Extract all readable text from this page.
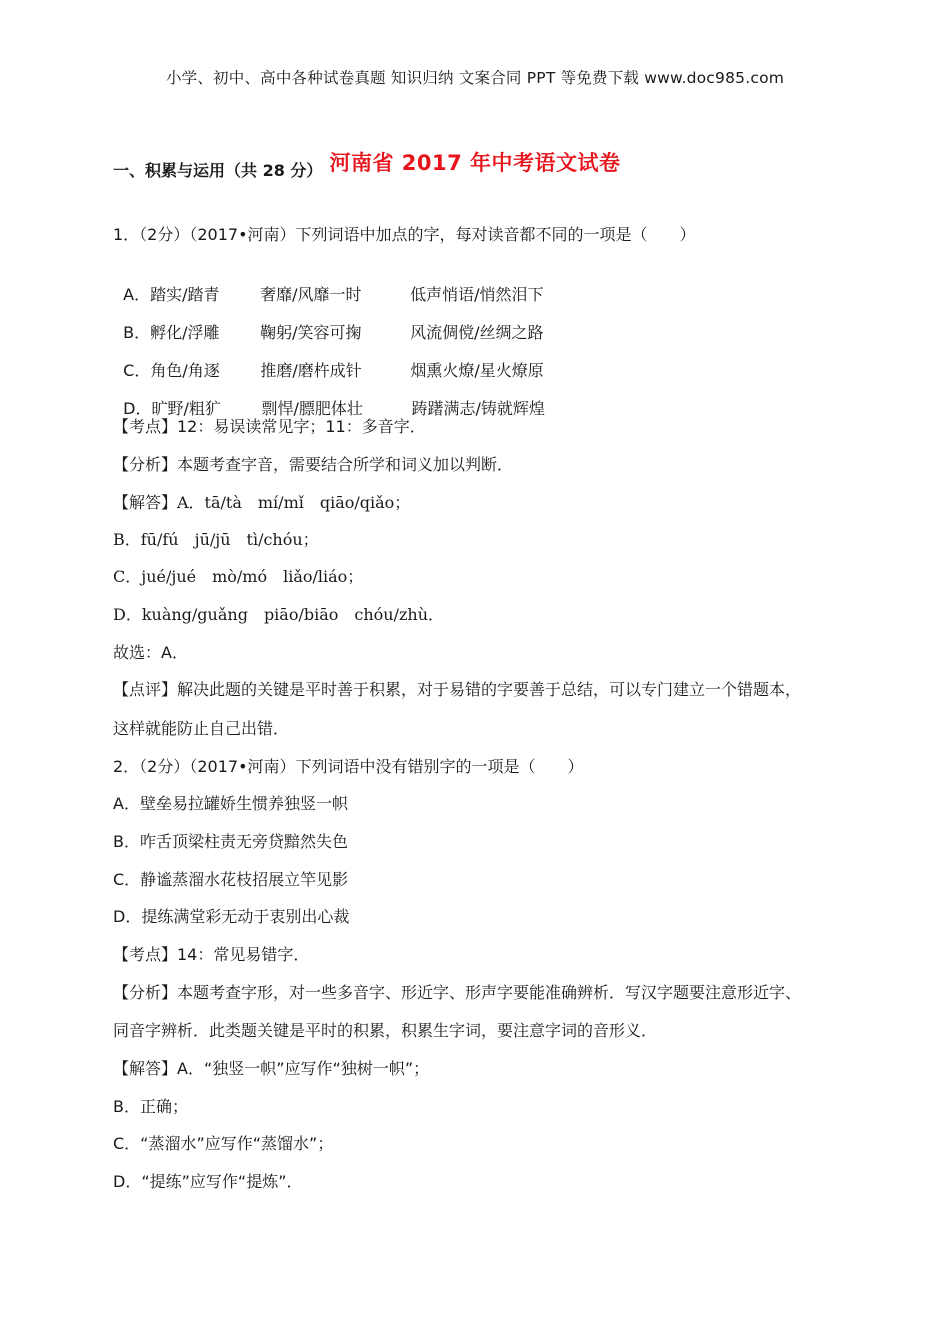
小学、初中、高中各种试卷真题 知识归纳 文案合同 PPT 等免费下载 www.doc985.com
河南省 2017 年中考语文试卷
一、积累与运用（共 28 分）
1．（2分）（2017•河南）下列词语中加点的字，每对读音都不同的一项是（　　）

A．踏实/踏青	奢靡/风靡一时	低声悄语/悄然泪下

B．孵化/浮雕	鞠躬/笑容可掬	风流倜傥/丝绸之路

C．角色/角逐	推磨/磨杵成针	烟熏火燎/星火燎原

D．旷野/粗犷	剽悍/膘肥体壮	踌躇满志/铸就辉煌

【考点】12：易误读常见字；11：多音字．
【分析】本题考查字音，需要结合所学和词义加以判断．
【解答】A．tā/tà　mí/mǐ　qiāo/qiǎo；
B．fū/fú　jū/jū　tì/chóu；
C．jué/jué　mò/mó　liǎo/liáo；
D．kuàng/guǎng　piāo/biāo　chóu/zhù．
故选：A．
【点评】解决此题的关键是平时善于积累，对于易错的字要善于总结，可以专门建立一个错题本，
这样就能防止自己出错．
2．（2分）（2017•河南）下列词语中没有错别字的一项是（　　）
A．壁垒易拉罐娇生惯养独竖一帜
B．咋舌顶梁柱责无旁贷黯然失色
C．静谧蒸溜水花枝招展立竿见影
D．提练满堂彩无动于衷别出心裁
【考点】14：常见易错字．
【分析】本题考查字形，对一些多音字、形近字、形声字要能准确辨析．写汉字题要注意形近字、
同音字辨析．此类题关键是平时的积累，积累生字词，要注意字词的音形义．
【解答】A．“独竖一帜”应写作“独树一帜”；
B．正确；
C．“蒸溜水”应写作“蒸馏水”；
D．“提练”应写作“提炼”．
